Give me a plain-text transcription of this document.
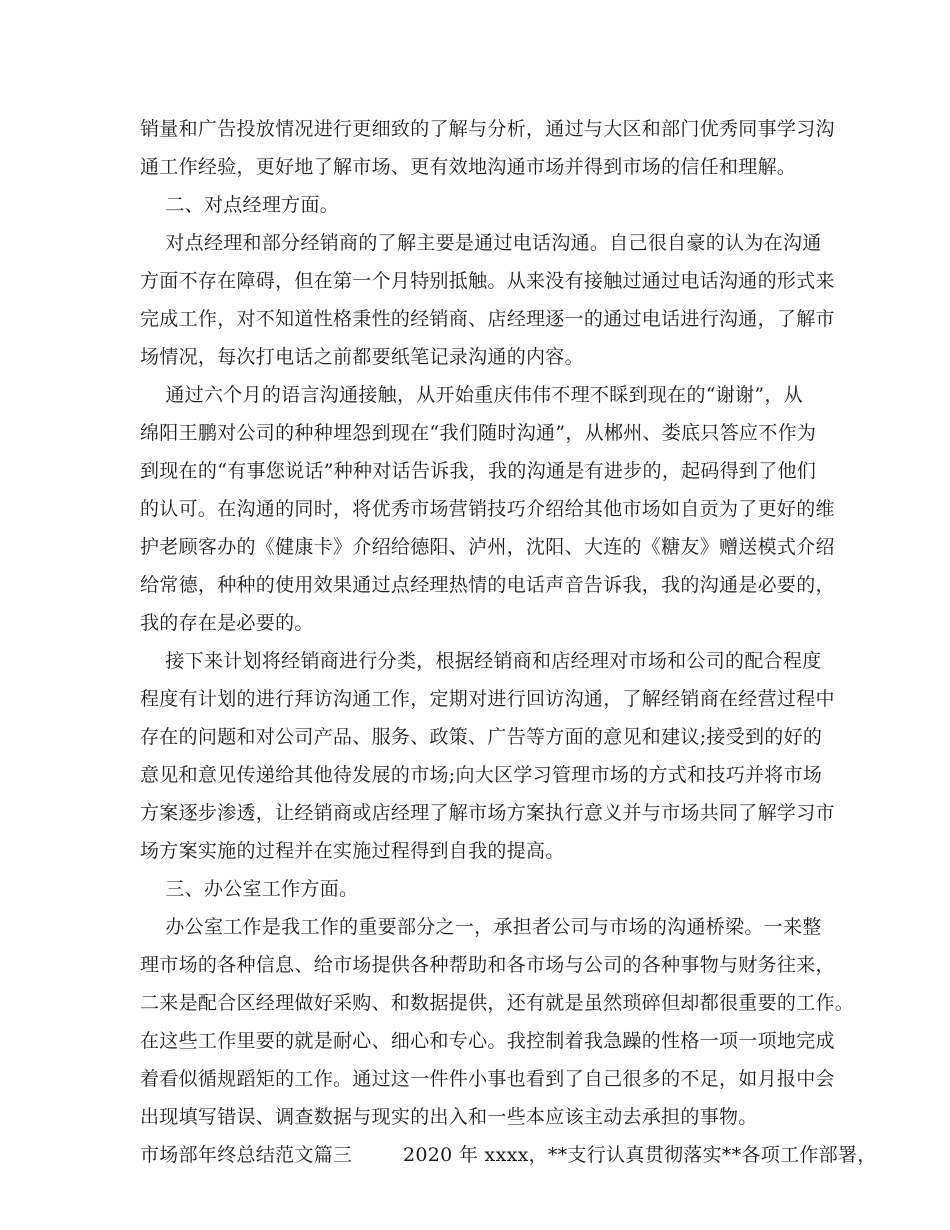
销量和广告投放情况进行更细致的了解与分析，通过与大区和部门优秀同事学习沟
通工作经验，更好地了解市场、更有效地沟通市场并得到市场的信任和理解。
二、对点经理方面。
对点经理和部分经销商的了解主要是通过电话沟通。自己很自豪的认为在沟通
方面不存在障碍，但在第一个月特别抵触。从来没有接触过通过电话沟通的形式来
完成工作，对不知道性格秉性的经销商、店经理逐一的通过电话进行沟通，了解市
场情况，每次打电话之前都要纸笔记录沟通的内容。
通过六个月的语言沟通接触，从开始重庆伟伟不理不睬到现在的“谢谢”，从
绵阳王鹏对公司的种种埋怨到现在“我们随时沟通”，从郴州、娄底只答应不作为
到现在的“有事您说话”种种对话告诉我，我的沟通是有进步的，起码得到了他们
的认可。在沟通的同时，将优秀市场营销技巧介绍给其他市场如自贡为了更好的维
护老顾客办的《健康卡》介绍给德阳、泸州，沈阳、大连的《糖友》赠送模式介绍
给常德，种种的使用效果通过点经理热情的电话声音告诉我，我的沟通是必要的，
我的存在是必要的。
接下来计划将经销商进行分类，根据经销商和店经理对市场和公司的配合程度
程度有计划的进行拜访沟通工作，定期对进行回访沟通，了解经销商在经营过程中
存在的问题和对公司产品、服务、政策、广告等方面的意见和建议;接受到的好的
意见和意见传递给其他待发展的市场;向大区学习管理市场的方式和技巧并将市场
方案逐步渗透，让经销商或店经理了解市场方案执行意义并与市场共同了解学习市
场方案实施的过程并在实施过程得到自我的提高。
三、办公室工作方面。
办公室工作是我工作的重要部分之一，承担者公司与市场的沟通桥梁。一来整
理市场的各种信息、给市场提供各种帮助和各市场与公司的各种事物与财务往来，
二来是配合区经理做好采购、和数据提供，还有就是虽然琐碎但却都很重要的工作。
在这些工作里要的就是耐心、细心和专心。我控制着我急躁的性格一项一项地完成
着看似循规蹈矩的工作。通过这一件件小事也看到了自己很多的不足，如月报中会
出现填写错误、调查数据与现实的出入和一些本应该主动去承担的事物。
市场部年终总结范文篇三        2020 年 xxxx，**支行认真贯彻落实**各项工作部署，
